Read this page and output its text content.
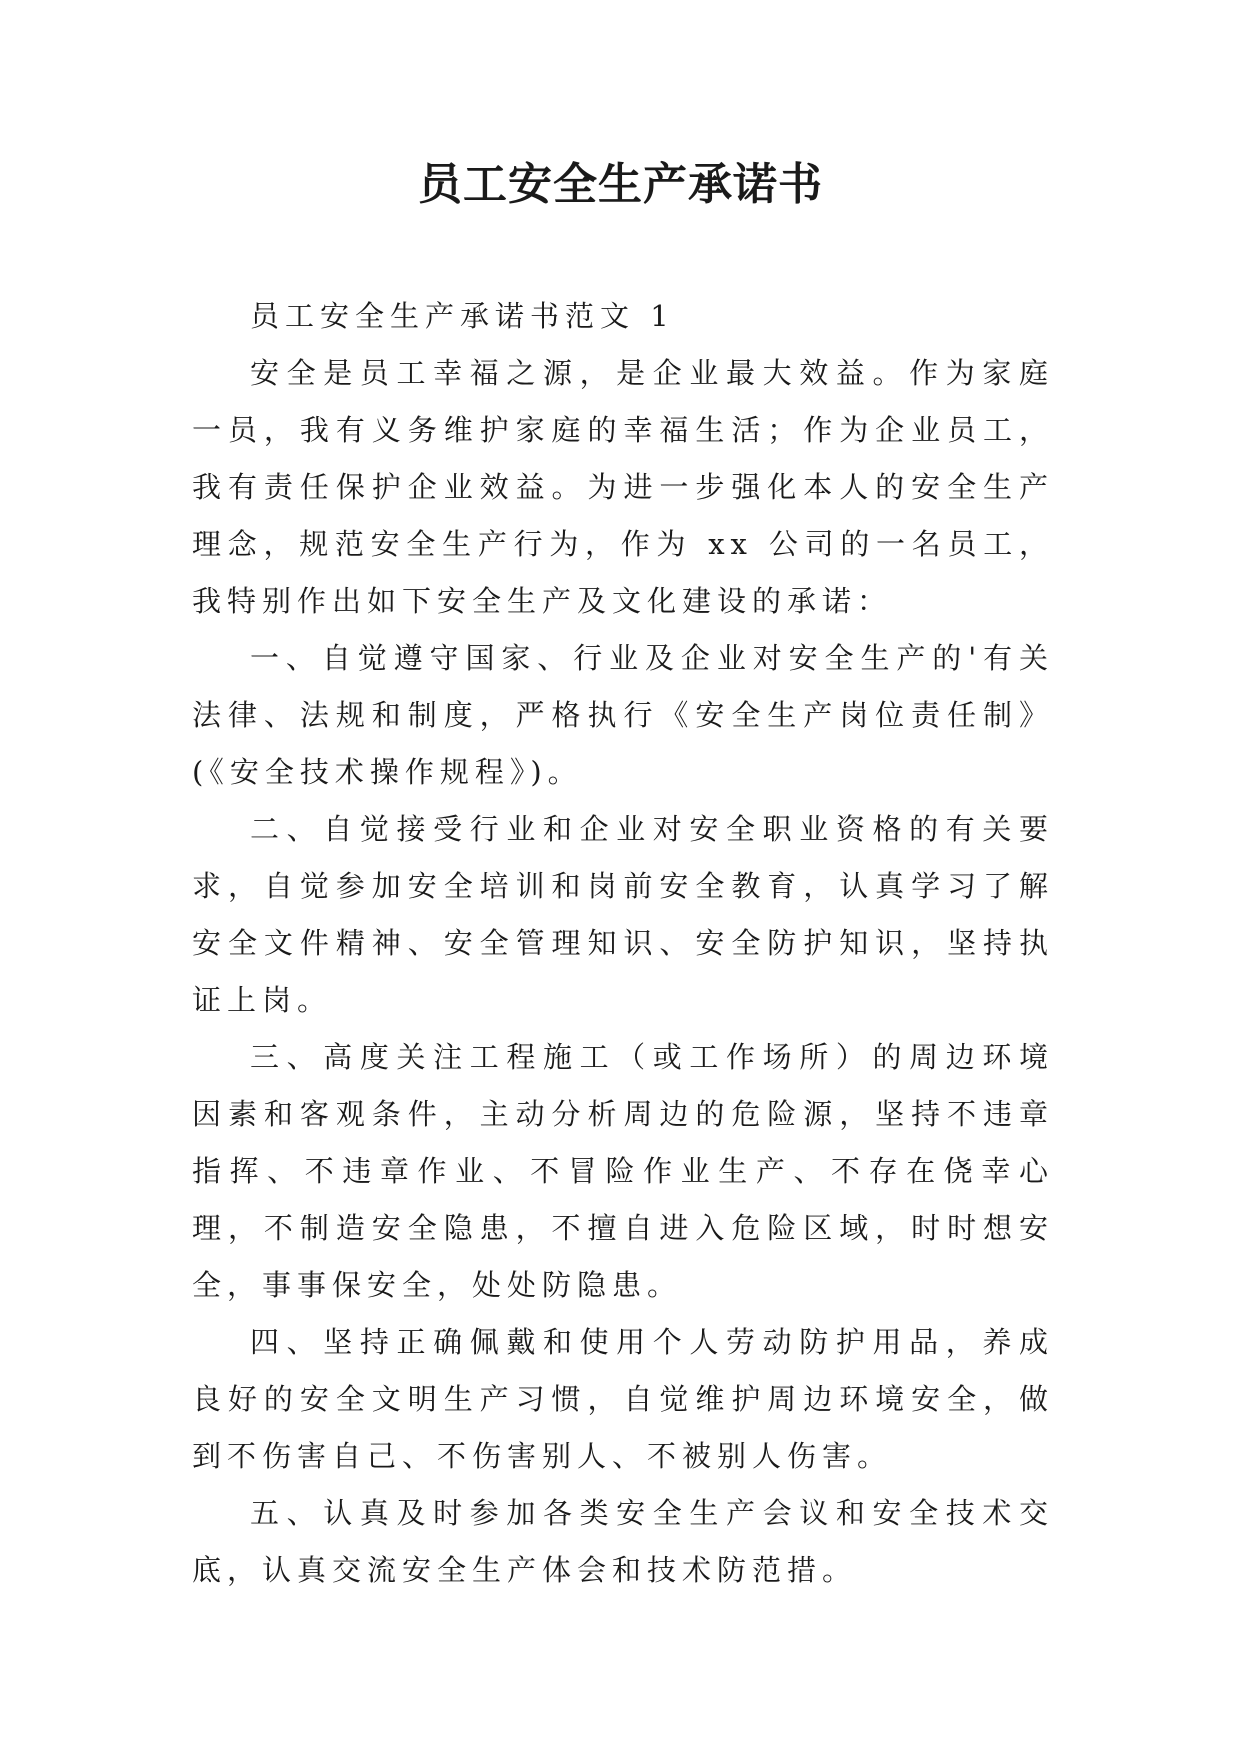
员工安全生产承诺书

员工安全生产承诺书范文 1

安全是员工幸福之源，是企业最大效益。作为家庭一员，我有义务维护家庭的幸福生活；作为企业员工，我有责任保护企业效益。为进一步强化本人的安全生产理念，规范安全生产行为，作为 xx 公司的一名员工，我特别作出如下安全生产及文化建设的承诺：

一、自觉遵守国家、行业及企业对安全生产的'有关法律、法规和制度，严格执行《安全生产岗位责任制》(《安全技术操作规程》)。

二、自觉接受行业和企业对安全职业资格的有关要求，自觉参加安全培训和岗前安全教育，认真学习了解安全文件精神、安全管理知识、安全防护知识，坚持执证上岗。

三、高度关注工程施工（或工作场所）的周边环境因素和客观条件，主动分析周边的危险源，坚持不违章指挥、不违章作业、不冒险作业生产、不存在侥幸心理，不制造安全隐患，不擅自进入危险区域，时时想安全，事事保安全，处处防隐患。

四、坚持正确佩戴和使用个人劳动防护用品，养成良好的安全文明生产习惯，自觉维护周边环境安全，做到不伤害自己、不伤害别人、不被别人伤害。

五、认真及时参加各类安全生产会议和安全技术交底，认真交流安全生产体会和技术防范措。
